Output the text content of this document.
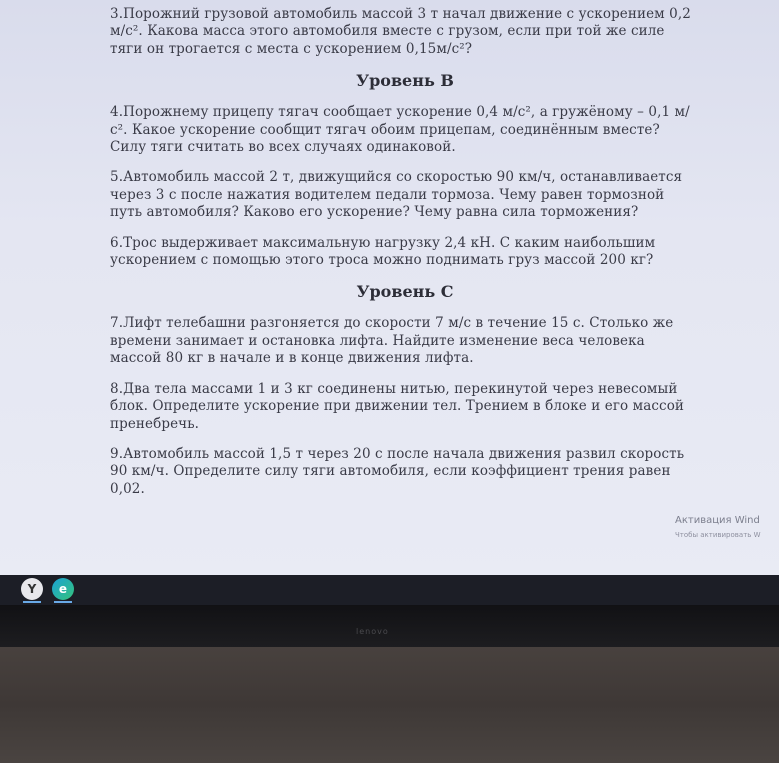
3.Порожний грузовой автомобиль массой 3 т начал движение с ускорением 0,2 м/с². Какова масса этого автомобиля вместе с грузом, если при той же силе тяги он трогается с места с ускорением 0,15м/с²?

Уровень В

4.Порожнему прицепу тягач сообщает ускорение 0,4 м/с², а гружёному – 0,1 м/с². Какое ускорение сообщит тягач обоим прицепам, соединённым вместе? Силу тяги считать во всех случаях одинаковой.

5.Автомобиль массой 2 т, движущийся со скоростью 90 км/ч, останавливается через 3 с после нажатия водителем педали тормоза. Чему равен тормозной путь автомобиля? Каково его ускорение? Чему равна сила торможения?

6.Трос выдерживает максимальную нагрузку 2,4 кН. С каким наибольшим ускорением с помощью этого троса можно поднимать груз массой 200 кг?

Уровень С

7.Лифт телебашни разгоняется до скорости 7 м/с в течение 15 с. Столько же времени занимает и остановка лифта. Найдите изменение веса человека массой 80 кг в начале и в конце движения лифта.

8.Два тела массами 1 и 3 кг соединены нитью, перекинутой через невесомый блок. Определите ускорение при движении тел. Трением в блоке и его массой пренебречь.

9.Автомобиль массой 1,5 т через 20 с после начала движения развил скорость 90 км/ч. Определите силу тяги автомобиля, если коэффициент трения равен 0,02.

Активация Wind
Чтобы активировать W
Y	e
lenovo
